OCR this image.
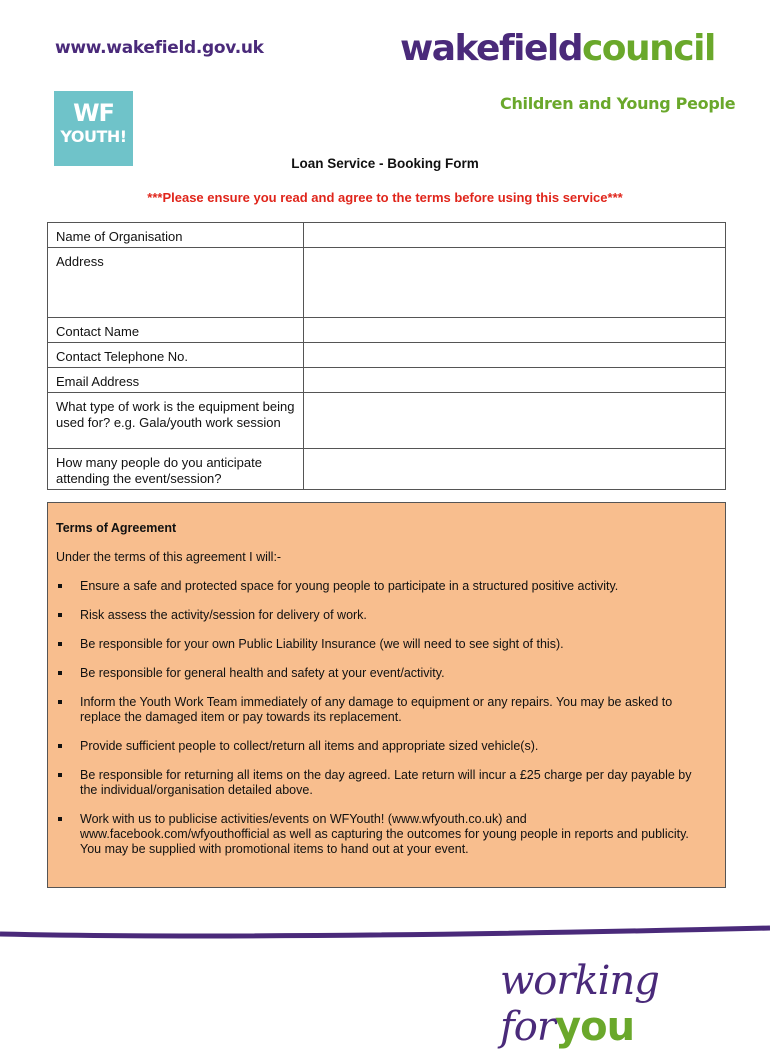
www.wakefield.gov.uk	wakefieldcouncil
Children and Young People
WF
YOUTH!
Loan Service - Booking Form
***Please ensure you read and agree to the terms before using this service***
Name of Organisation	
Address	
Contact Name	
Contact Telephone No.	
Email Address	
What type of work is the equipment being used for? e.g. Gala/youth work session	
How many people do you anticipate attending the event/session?	
Terms of Agreement
Under the terms of this agreement I will:-
Ensure a safe and protected space for young people to participate in a structured positive activity.
Risk assess the activity/session for delivery of work.
Be responsible for your own Public Liability Insurance (we will need to see sight of this).
Be responsible for general health and safety at your event/activity.
Inform the Youth Work Team immediately of any damage to equipment or any repairs. You may be asked to replace the damaged item or pay towards its replacement.
Provide sufficient people to collect/return all items and appropriate sized vehicle(s).
Be responsible for returning all items on the day agreed. Late return will incur a £25 charge per day payable by the individual/organisation detailed above.
Work with us to publicise activities/events on WFYouth! (www.wfyouth.co.uk) and www.facebook.com/wfyouthofficial as well as capturing the outcomes for young people in reports and publicity. You may be supplied with promotional items to hand out at your event.
working foryou
